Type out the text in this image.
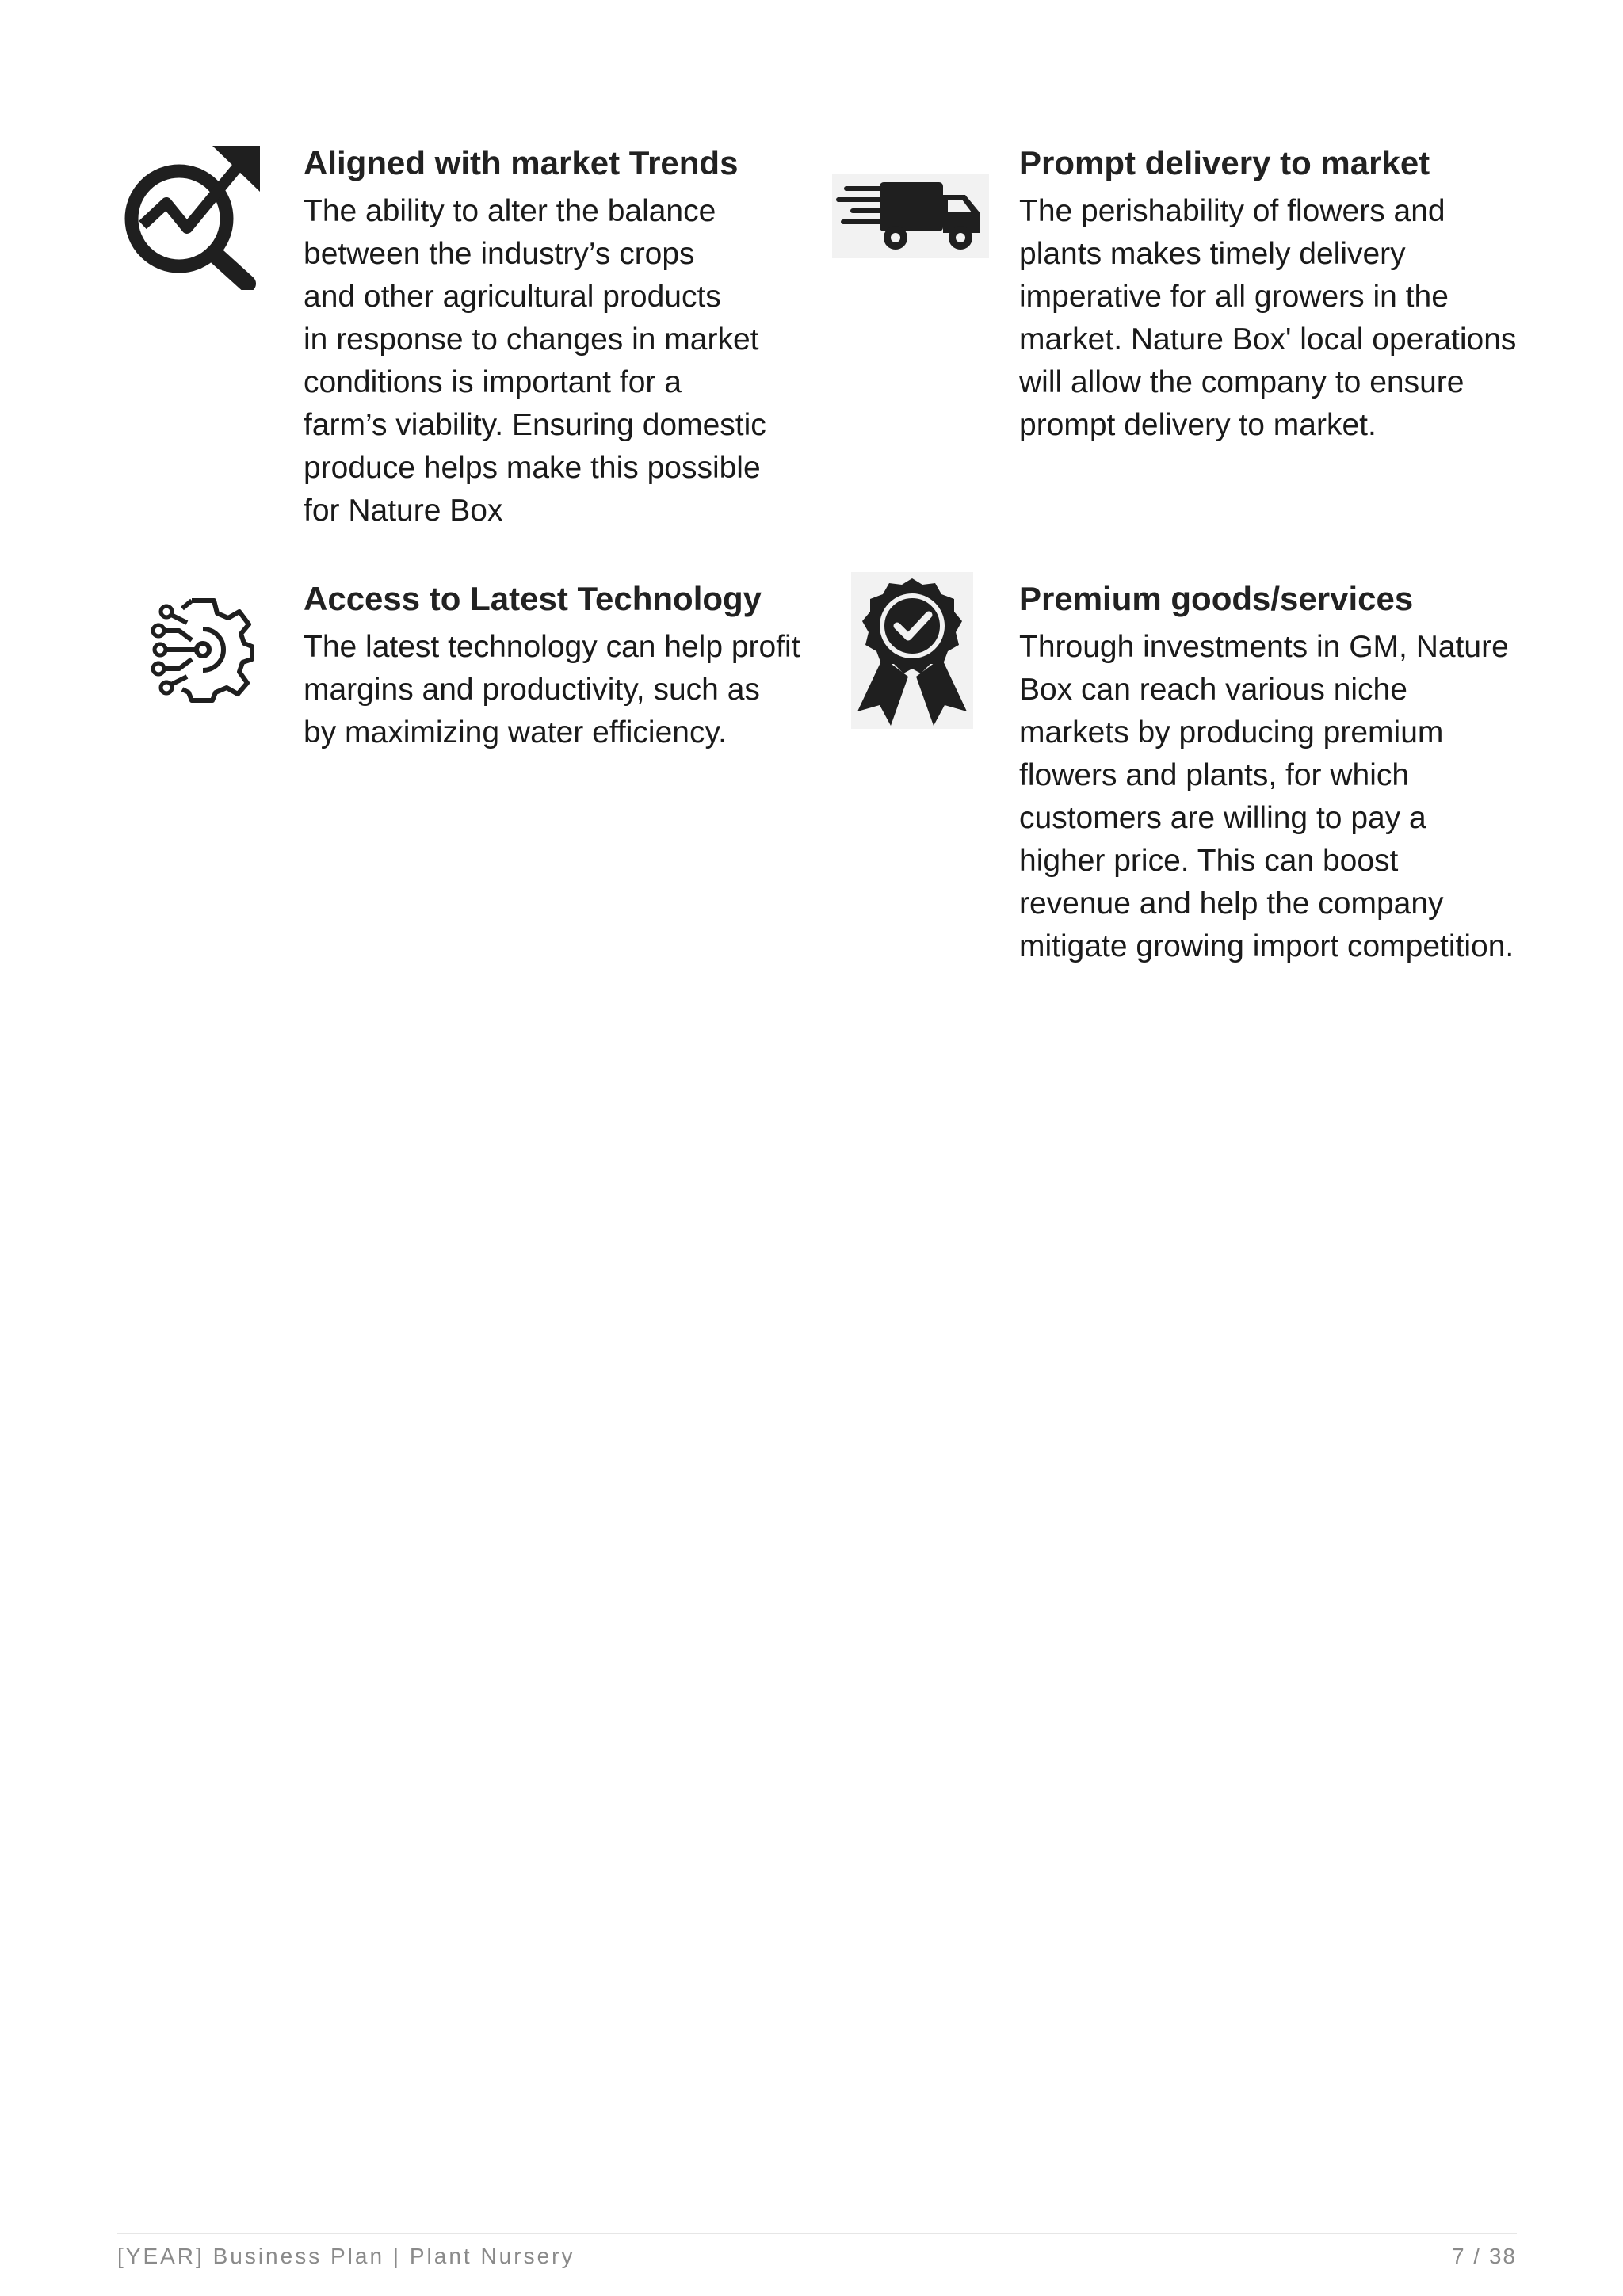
Aligned with market Trends
The ability to alter the balance
between the industry’s crops
and other agricultural products
in response to changes in market
conditions is important for a
farm’s viability. Ensuring domestic
produce helps make this possible
for Nature Box
Prompt delivery to market
The perishability of flowers and
plants makes timely delivery
imperative for all growers in the
market. Nature Box' local operations
will allow the company to ensure
prompt delivery to market.
Access to Latest Technology
The latest technology can help profit
margins and productivity, such as
by maximizing water efficiency.
Premium goods/services
Through investments in GM, Nature
Box can reach various niche
markets by producing premium
flowers and plants, for which
customers are willing to pay a
higher price. This can boost
revenue and help the company
mitigate growing import competition.
[YEAR] Business Plan | Plant Nursery	7 / 38
